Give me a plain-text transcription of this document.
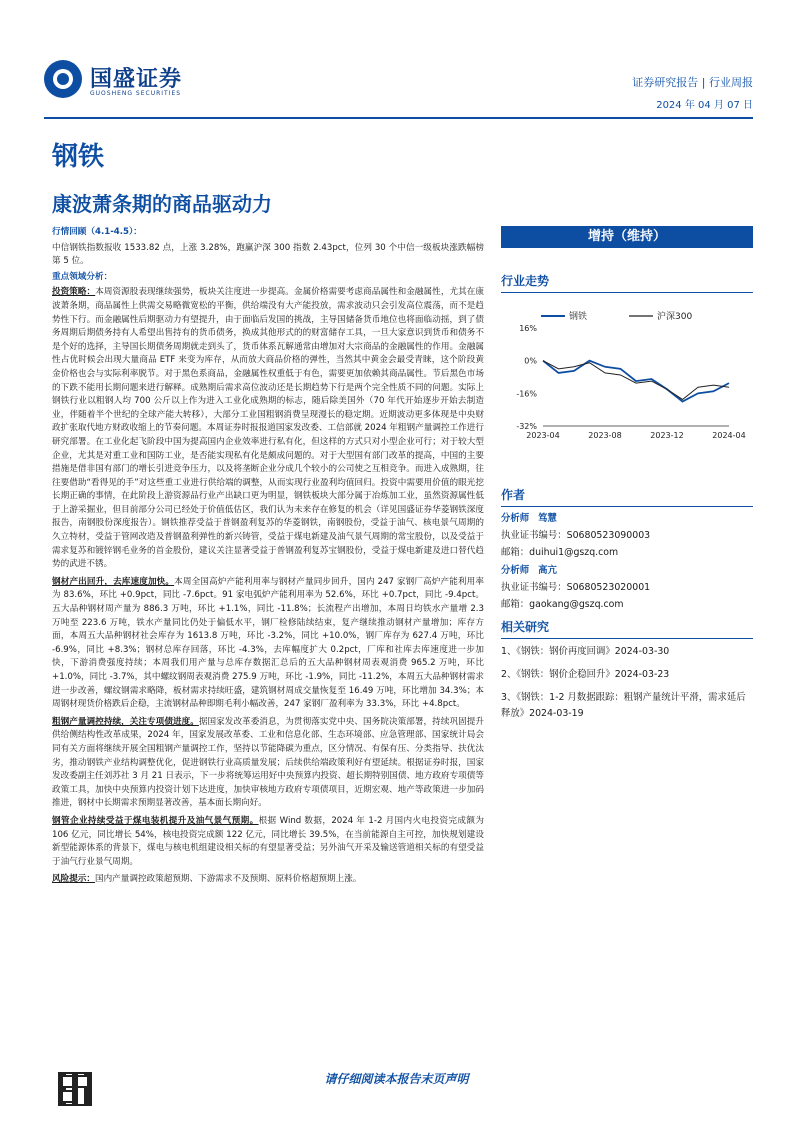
国盛证券
GUOSHENG SECURITIES
证券研究报告 | 行业周报
2024 年 04 月 07 日
钢铁
康波萧条期的商品驱动力
增持（维持）

行情回顾（4.1-4.5）：

中信钢铁指数报收 1533.82 点，上涨 3.28%，跑赢沪深 300 指数 2.43pct，位列 30 个中信一级板块涨跌幅榜第 5 位。

重点领域分析：

投资策略：本周资源股表现继续强势，板块关注度进一步提高。金属价格需要考虑商品属性和金融属性，尤其在康波萧条期，商品属性上供需交易略微宽松的平衡，供给端没有大产能投放，需求波动只会引发高位震荡，而不是趋势性下行。而金融属性后期驱动力有望提升，由于面临后发国的挑战，主导国储备货币地位也将面临动摇，到了债务周期后期债务持有人希望出售持有的货币债务，换成其他形式的的财富储存工具，一旦大家意识到货币和债务不是个好的选择，主导国长期债务周期就走到头了，货币体系瓦解通常由增加对大宗商品的金融属性的作用。金融属性占优时候会出现大量商品 ETF 来变为库存，从而放大商品价格的弹性，当然其中黄金会最受青睐，这个阶段黄金价格也会与实际利率脱节。对于黑色系商品，金融属性权重低于有色，需要更加依赖其商品属性。节后黑色市场的下跌不能用长期问题来进行解释。成熟期后需求高位波动还是长期趋势下行是两个完全性质不同的问题。实际上钢铁行业以粗钢人均 700 公斤以上作为进入工业化成熟期的标志，随后除美国外（70 年代开始逐步开始去制造业，伴随着半个世纪的全球产能大转移），大部分工业国粗钢消费呈现漫长的稳定期。近期波动更多体现是中央财政扩张取代地方财政收缩上的节奏问题。本周证券时报报道国家发改委、工信部就 2024 年粗钢产量调控工作进行研究部署。在工业化起飞阶段中国为提高国内企业效率进行私有化，但这样的方式只对小型企业可行；对于较大型企业，尤其是对重工业和国防工业，是否能实现私有化是颇成问题的。对于大型国有部门改革的提高，中国的主要措施是借非国有部门的增长引进竞争压力，以及将垄断企业分成几个较小的公司使之互相竞争。而进入成熟期，往往要借助“看得见的手”对这些重工业进行供给端的调整，从而实现行业盈利均值回归。投资中需要用价值的眼光挖长期正确的事情，在此阶段上游资源品行业产出缺口更为明显，钢铁板块大部分属于冶炼加工业，虽然资源属性低于上游采掘业，但目前部分公司已经处于价值低估区，我们认为未来存在修复的机会（详见国盛证券华菱钢铁深度报告，南钢股份深度报告）。钢铁推荐受益于普钢盈利复苏的华菱钢铁，南钢股份，受益于油气、核电景气周期的久立特材，受益于管网改造及普钢盈利弹性的新兴铸管，受益于煤电新建及油气景气周期的常宝股份，以及受益于需求复苏和镀锌钢毛业务的首金股份，建议关注显著受益于普钢盈利复苏宝钢股份，受益于煤电新建及进口替代趋势的武进不锈。

钢材产出回升，去库速度加快。本周全国高炉产能利用率与钢材产量同步回升，国内 247 家钢厂高炉产能利用率为 83.6%，环比 +0.9pct，同比 -7.6pct。91 家电弧炉产能利用率为 52.6%，环比 +0.7pct，同比 -9.4pct。五大品种钢材周产量为 886.3 万吨，环比 +1.1%，同比 -11.8%；长流程产出增加，本周日均铁水产量增 2.3 万吨至 223.6 万吨，铁水产量同比仍处于偏低水平，钢厂检修陆续结束，复产继续推动钢材产量增加；库存方面，本周五大品种钢材社会库存为 1613.8 万吨，环比 -3.2%，同比 +10.0%，钢厂库存为 627.4 万吨，环比 -6.9%，同比 +8.3%；钢材总库存回落，环比 -4.3%，去库幅度扩大 0.2pct，厂库和社库去库速度进一步加快，下游消费强度持续；本周我们用产量与总库存数据汇总后的五大品种钢材周表观消费 965.2 万吨，环比 +1.0%，同比 -3.7%，其中螺纹钢周表观消费 275.9 万吨，环比 -1.9%，同比 -11.2%，本周五大品种钢材需求进一步改善，螺纹钢需求略降，板材需求持续旺盛，建筑钢材周成交量恢复至 16.49 万吨，环比增加 34.3%；本周钢材现货价格跌后企稳，主流钢材品种即期毛利小幅改善，247 家钢厂盈利率为 33.3%，环比 +4.8pct。

粗钢产量调控持续，关注专项债进度。据国家发改革委消息，为贯彻落实党中央、国务院决策部署，持续巩固提升供给侧结构性改革成果，2024 年，国家发展改革委、工业和信息化部、生态环境部、应急管理部、国家统计局会同有关方面将继续开展全国粗钢产量调控工作，坚持以节能降碳为重点，区分情况、有保有压、分类指导、扶优汰劣，推动钢铁产业结构调整优化，促进钢铁行业高质量发展；后续供给端政策利好有望延续。根据证券时报，国家发改委副主任刘苏社 3 月 21 日表示，下一步将统筹运用好中央预算内投资、超长期特别国债、地方政府专项债等政策工具，加快中央预算内投资计划下达进度，加快审核地方政府专项债项目，近期宏观、地产等政策进一步加码推进，钢材中长期需求预期显著改善，基本面长期向好。

钢管企业持续受益于煤电装机提升及油气景气预期。根据 Wind 数据，2024 年 1-2 月国内火电投资完成额为 106 亿元，同比增长 54%，核电投资完成额 122 亿元，同比增长 39.5%，在当前能源自主可控，加快规划建设新型能源体系的背景下，煤电与核电机组建设相关标的有望显著受益；另外油气开采及输送管道相关标的有望受益于油气行业景气周期。

风险提示：国内产量调控政策超预期、下游需求不及预期、原料价格超预期上涨。

行业走势
16%
0%
-16%
-32%
2023-04	2023-08	2023-12	2024-04
钢铁	沪深300
作者
分析师 笃慧
执业证书编号：S0680523090003
邮箱：duihui1@gszq.com
分析师 高亢
执业证书编号：S0680523020001
邮箱：gaokang@gszq.com
相关研究
1、《钢铁：钢价再度回调》2024-03-30
2、《钢铁：钢价企稳回升》2024-03-23
3、《钢铁：1-2 月数据跟踪：粗钢产量统计平滑，需求延后释放》2024-03-19
请仔细阅读本报告末页声明
